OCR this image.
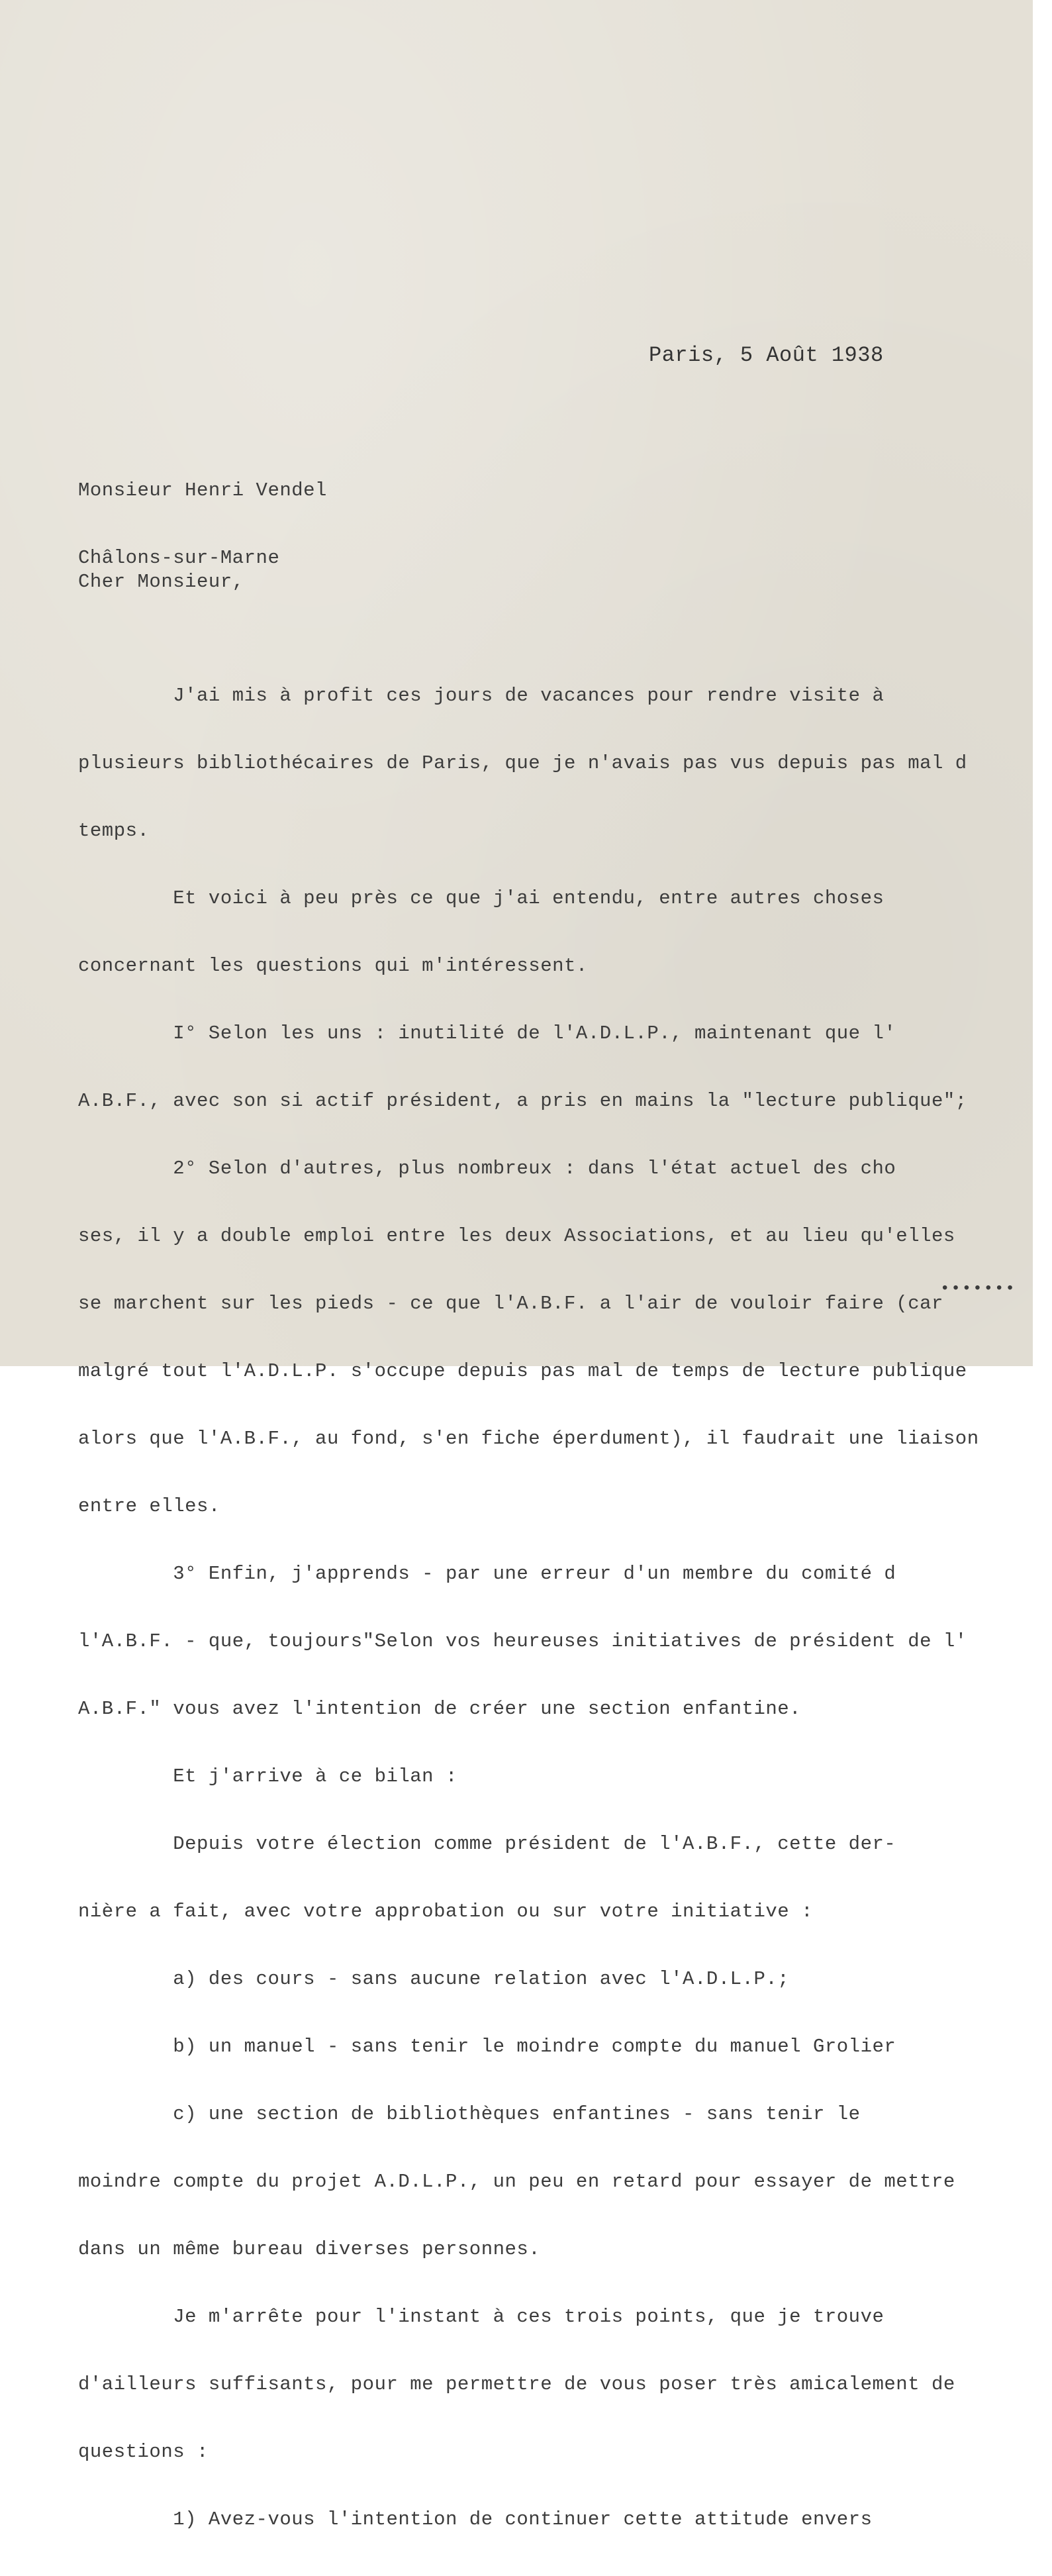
Paris, 5 Août 1938

Monsieur Henri Vendel

Châlons-sur-Marne

Cher Monsieur,

J'ai mis à profit ces jours de vacances pour rendre visite à

plusieurs bibliothécaires de Paris, que je n'avais pas vus depuis pas mal d

temps.

Et voici à peu près ce que j'ai entendu, entre autres choses

concernant les questions qui m'intéressent.

I° Selon les uns : inutilité de l'A.D.L.P., maintenant que l'

A.B.F., avec son si actif président, a pris en mains la "lecture publique";

2° Selon d'autres, plus nombreux : dans l'état actuel des cho

ses, il y a double emploi entre les deux Associations, et au lieu qu'elles

se marchent sur les pieds - ce que l'A.B.F. a l'air de vouloir faire (car

malgré tout l'A.D.L.P. s'occupe depuis pas mal de temps de lecture publique

alors que l'A.B.F., au fond, s'en fiche éperdument), il faudrait une liaison

entre elles.

3° Enfin, j'apprends - par une erreur d'un membre du comité d

l'A.B.F. - que, toujours"Selon vos heureuses initiatives de président de l'

A.B.F." vous avez l'intention de créer une section enfantine.

Et j'arrive à ce bilan :

Depuis votre élection comme président de l'A.B.F., cette der-

nière a fait, avec votre approbation ou sur votre initiative :

a) des cours - sans aucune relation avec l'A.D.L.P.;

b) un manuel - sans tenir le moindre compte du manuel Grolier

c) une section de bibliothèques enfantines - sans tenir le

moindre compte du projet A.D.L.P., un peu en retard pour essayer de mettre

dans un même bureau diverses personnes.

Je m'arrête pour l'instant à ces trois points, que je trouve

d'ailleurs suffisants, pour me permettre de vous poser très amicalement de

questions :

1) Avez-vous l'intention de continuer cette attitude envers

•••••••
